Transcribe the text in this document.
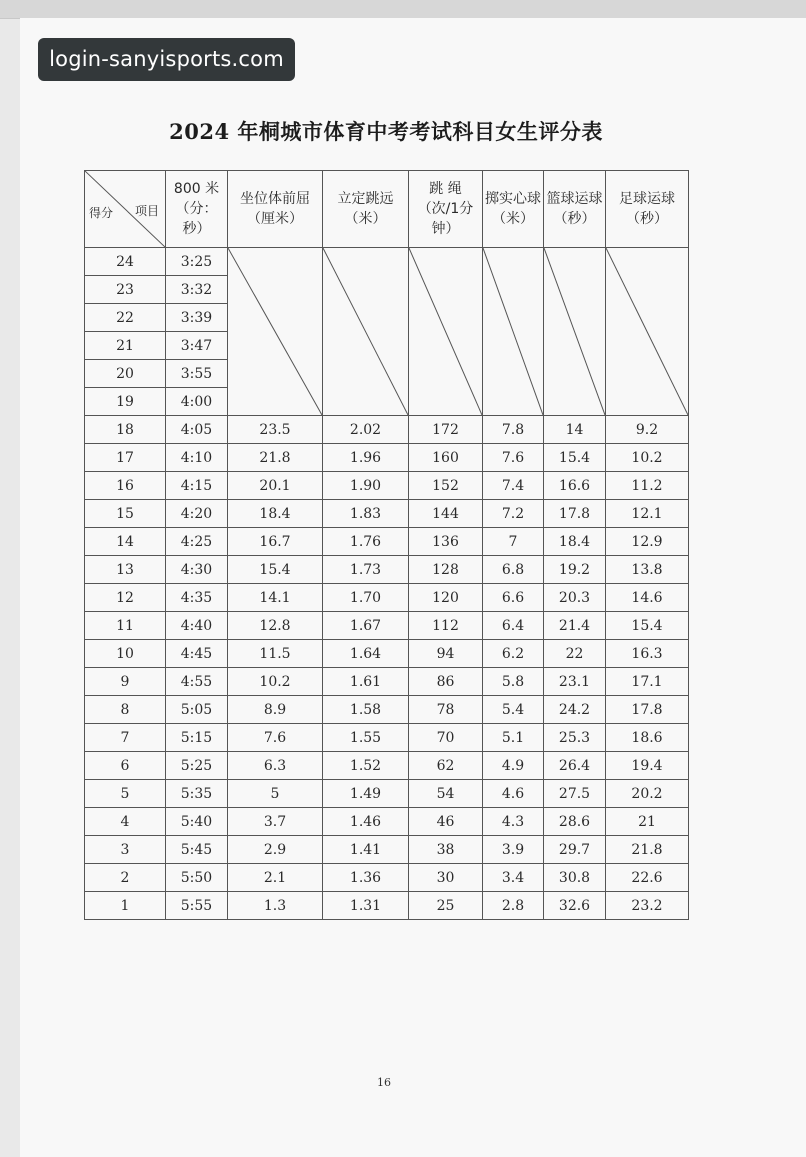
login-sanyisports.com
2024 年桐城市体育中考考试科目女生评分表
得分 项目	800 米（分：秒）	坐位体前屈（厘米）	立定跳远（米）	跳 绳（次/1分钟）	掷实心球（米）	篮球运球（秒）	足球运球（秒）
24	3:25	

23	3:32						
22	3:39						
21	3:47						
20	3:55						
19	4:00						
18	4:05	23.5	2.02	172	7.8	14	9.2
17	4:10	21.8	1.96	160	7.6	15.4	10.2
16	4:15	20.1	1.90	152	7.4	16.6	11.2
15	4:20	18.4	1.83	144	7.2	17.8	12.1
14	4:25	16.7	1.76	136	7	18.4	12.9
13	4:30	15.4	1.73	128	6.8	19.2	13.8
12	4:35	14.1	1.70	120	6.6	20.3	14.6
11	4:40	12.8	1.67	112	6.4	21.4	15.4
10	4:45	11.5	1.64	94	6.2	22	16.3
9	4:55	10.2	1.61	86	5.8	23.1	17.1
8	5:05	8.9	1.58	78	5.4	24.2	17.8
7	5:15	7.6	1.55	70	5.1	25.3	18.6
6	5:25	6.3	1.52	62	4.9	26.4	19.4
5	5:35	5	1.49	54	4.6	27.5	20.2
4	5:40	3.7	1.46	46	4.3	28.6	21
3	5:45	2.9	1.41	38	3.9	29.7	21.8
2	5:50	2.1	1.36	30	3.4	30.8	22.6
1	5:55	1.3	1.31	25	2.8	32.6	23.2
16
